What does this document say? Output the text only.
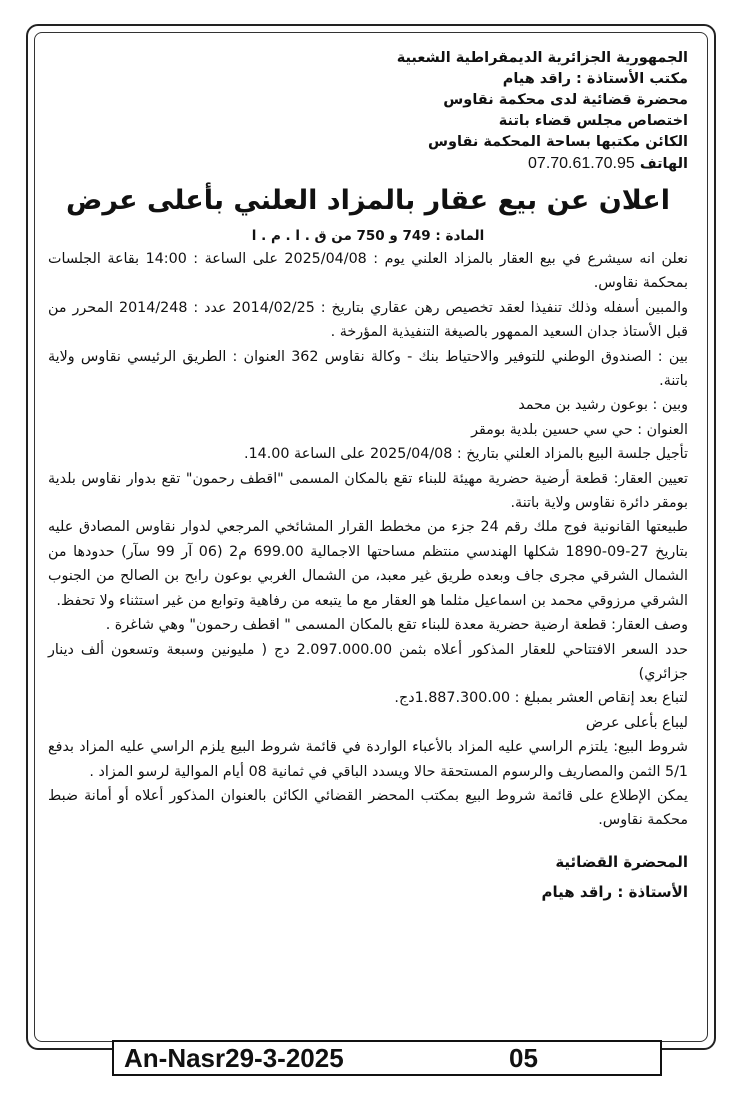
الجمهورية الجزائرية الديمقراطية الشعبية
مكتب الأستاذة : راقد هيام
محضرة قضائية لدى محكمة نقاوس
اختصاص مجلس قضاء باتنة
الكائن مكتبها بساحة المحكمة نقاوس
الهاتف 07.70.61.70.95
اعلان عن بيع عقار بالمزاد العلني بأعلى عرض
المادة : 749 و 750 من ق . ا . م . ا

نعلن انه سيشرع في بيع العقار بالمزاد العلني يوم : 2025/04/08 على الساعة : 14:00 بقاعة الجلسات بمحكمة نقاوس.

والمبين أسفله وذلك تنفيذا لعقد تخصيص رهن عقاري بتاريخ : 2014/02/25 عدد : 2014/248 المحرر من قبل الأستاذ جدان السعيد الممهور بالصيغة التنفيذية المؤرخة .

بين : الصندوق الوطني للتوفير والاحتياط بنك - وكالة نقاوس 362 العنوان : الطريق الرئيسي نقاوس ولاية باتنة.

وبين : بوعون رشيد بن محمد

العنوان : حي سي حسين بلدية بومقر

تأجيل جلسة البيع بالمزاد العلني بتاريخ : 2025/04/08 على الساعة 14.00.

تعيين العقار: قطعة أرضية حضرية مهيئة للبناء تقع بالمكان المسمى "اقطف رحمون" تقع بدوار نقاوس بلدية بومقر دائرة نقاوس ولاية باتنة.

طبيعتها القانونية فوج ملك رقم 24 جزء من مخطط القرار المشائخي المرجعي لدوار نقاوس المصادق عليه بتاريخ 27-09-1890 شكلها الهندسي منتظم مساحتها الاجمالية 699.00 م2 (06 آر 99 سآر) حدودها من الشمال الشرقي مجرى جاف وبعده طريق غير معبد، من الشمال الغربي بوعون رابح بن الصالح من الجنوب الشرقي مرزوقي محمد بن اسماعيل مثلما هو العقار مع ما يتبعه من رفاهية وتوابع من غير استثناء ولا تحفظ.

وصف العقار: قطعة ارضية حضرية معدة للبناء تقع بالمكان المسمى " اقطف رحمون" وهي شاغرة .

حدد السعر الافتتاحي للعقار المذكور أعلاه بثمن 2.097.000.00 دج ( مليونين وسبعة وتسعون ألف دينار جزائري)

لتباع بعد إنقاص العشر بمبلغ : 1.887.300.00دج.

ليباع بأعلى عرض

شروط البيع: يلتزم الراسي عليه المزاد بالأعباء الواردة في قائمة شروط البيع يلزم الراسي عليه المزاد بدفع 5/1 الثمن والمصاريف والرسوم المستحقة حالا ويسدد الباقي في ثمانية 08 أيام الموالية لرسو المزاد .

يمكن الإطلاع على قائمة شروط البيع بمكتب المحضر القضائي الكائن بالعنوان المذكور أعلاه أو أمانة ضبط محكمة نقاوس.

المحضرة القضائية
الأستاذة : راقد هيام
An-Nasr29-3-2025	05
